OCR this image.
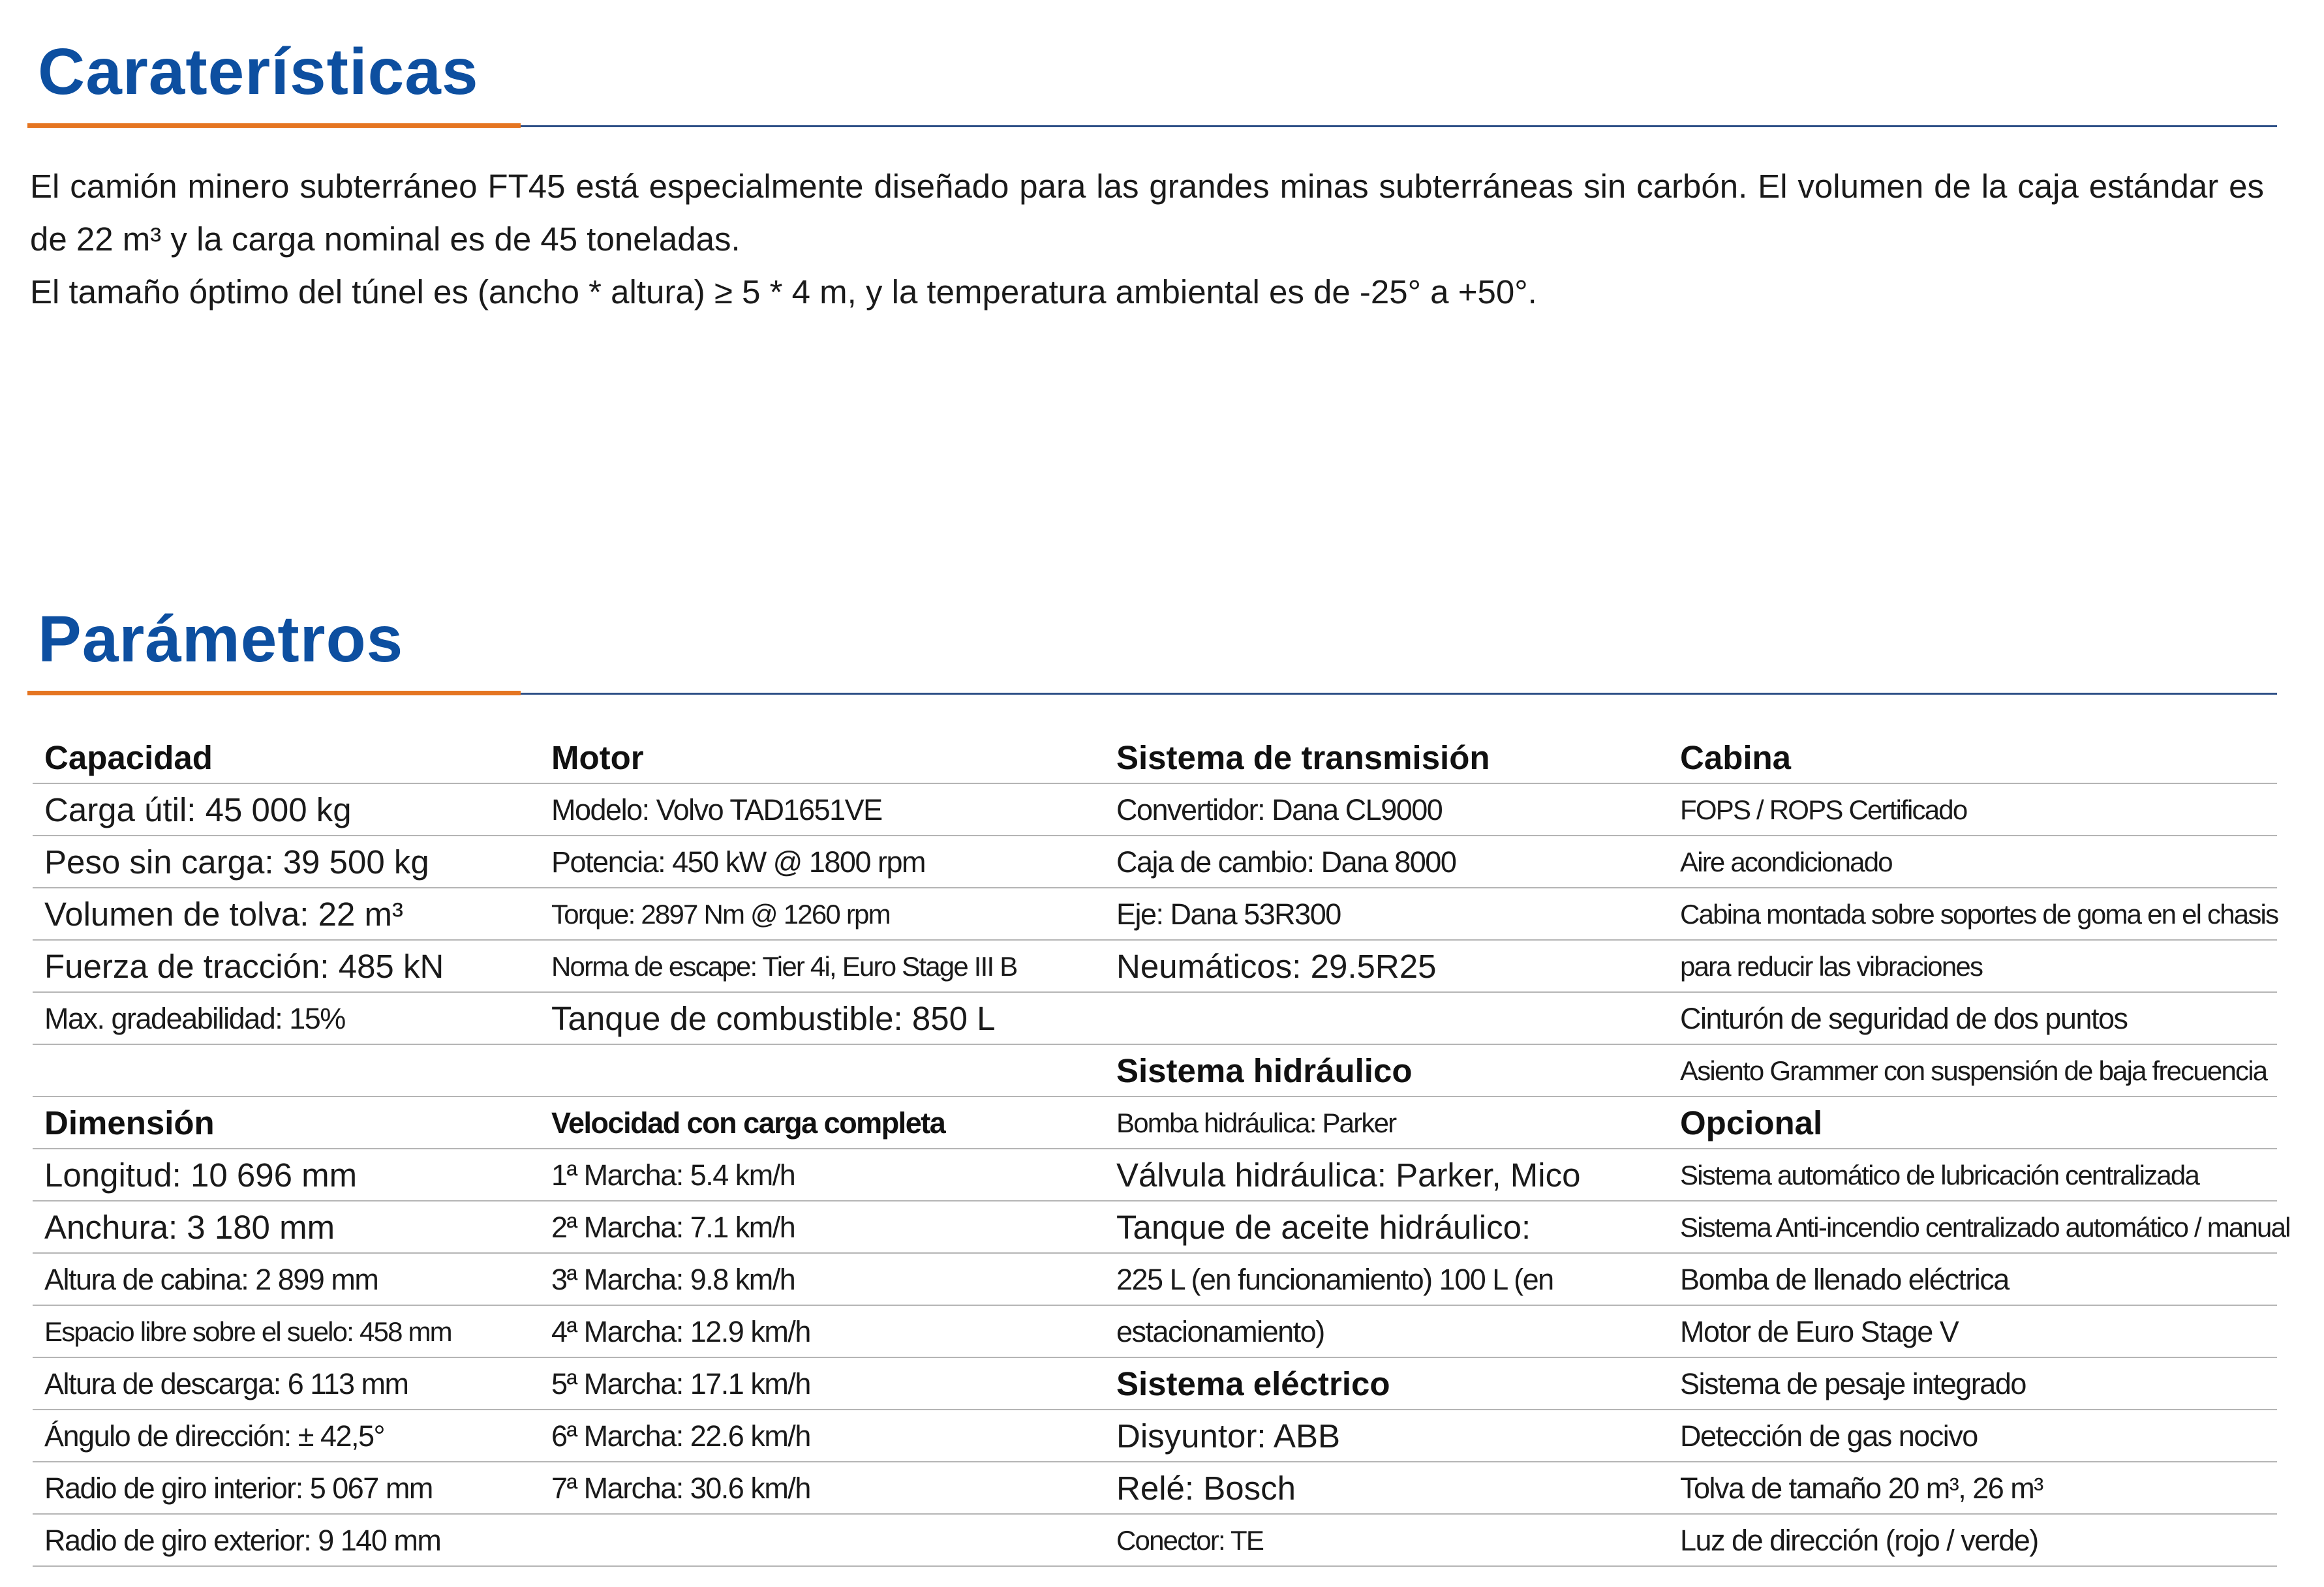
Caraterísticas

El camión minero subterráneo FT45 está especialmente diseñado para las grandes minas subterráneas sin carbón. El volumen de la caja estándar es de 22 m³ y la carga nominal es de 45 toneladas.

El tamaño óptimo del túnel es (ancho * altura) ≥ 5 * 4 m, y la temperatura ambiental es de -25° a +50°.

Parámetros
Capacidad
Carga útil: 45 000 kg
Peso sin carga: 39 500 kg
Volumen de tolva: 22 m³
Fuerza de tracción: 485 kN
Max. gradeabilidad: 15%
Dimensión
Longitud: 10 696 mm
Anchura: 3 180 mm
Altura de cabina: 2 899 mm
Espacio libre sobre el suelo: 458 mm
Altura de descarga: 6 113 mm
Ángulo de dirección: ± 42,5°
Radio de giro interior: 5 067 mm
Radio de giro exterior: 9 140 mm
Motor
Modelo: Volvo TAD1651VE
Potencia: 450 kW @ 1800 rpm
Torque: 2897 Nm @ 1260 rpm
Norma de escape: Tier 4i, Euro Stage III B
Tanque de combustible: 850 L
Velocidad con carga completa
1ª Marcha: 5.4 km/h
2ª Marcha: 7.1 km/h
3ª Marcha: 9.8 km/h
4ª Marcha: 12.9 km/h
5ª Marcha: 17.1 km/h
6ª Marcha: 22.6 km/h
7ª Marcha: 30.6 km/h
Sistema de transmisión
Convertidor: Dana CL9000
Caja de cambio: Dana 8000
Eje: Dana 53R300
Neumáticos: 29.5R25
Sistema hidráulico
Bomba hidráulica: Parker
Válvula hidráulica: Parker, Mico
Tanque de aceite hidráulico:
225 L (en funcionamiento) 100 L (en
estacionamiento)
Sistema eléctrico
Disyuntor: ABB
Relé: Bosch
Conector: TE
Cabina
FOPS / ROPS Certificado
Aire acondicionado
Cabina montada sobre soportes de goma en el chasis
para reducir las vibraciones
Cinturón de seguridad de dos puntos
Asiento Grammer con suspensión de baja frecuencia
Opcional
Sistema automático de lubricación centralizada
Sistema Anti-incendio centralizado automático / manual
Bomba de llenado eléctrica
Motor de Euro Stage V
Sistema de pesaje integrado
Detección de gas nocivo
Tolva de tamaño 20 m³, 26 m³
Luz de dirección (rojo / verde)
